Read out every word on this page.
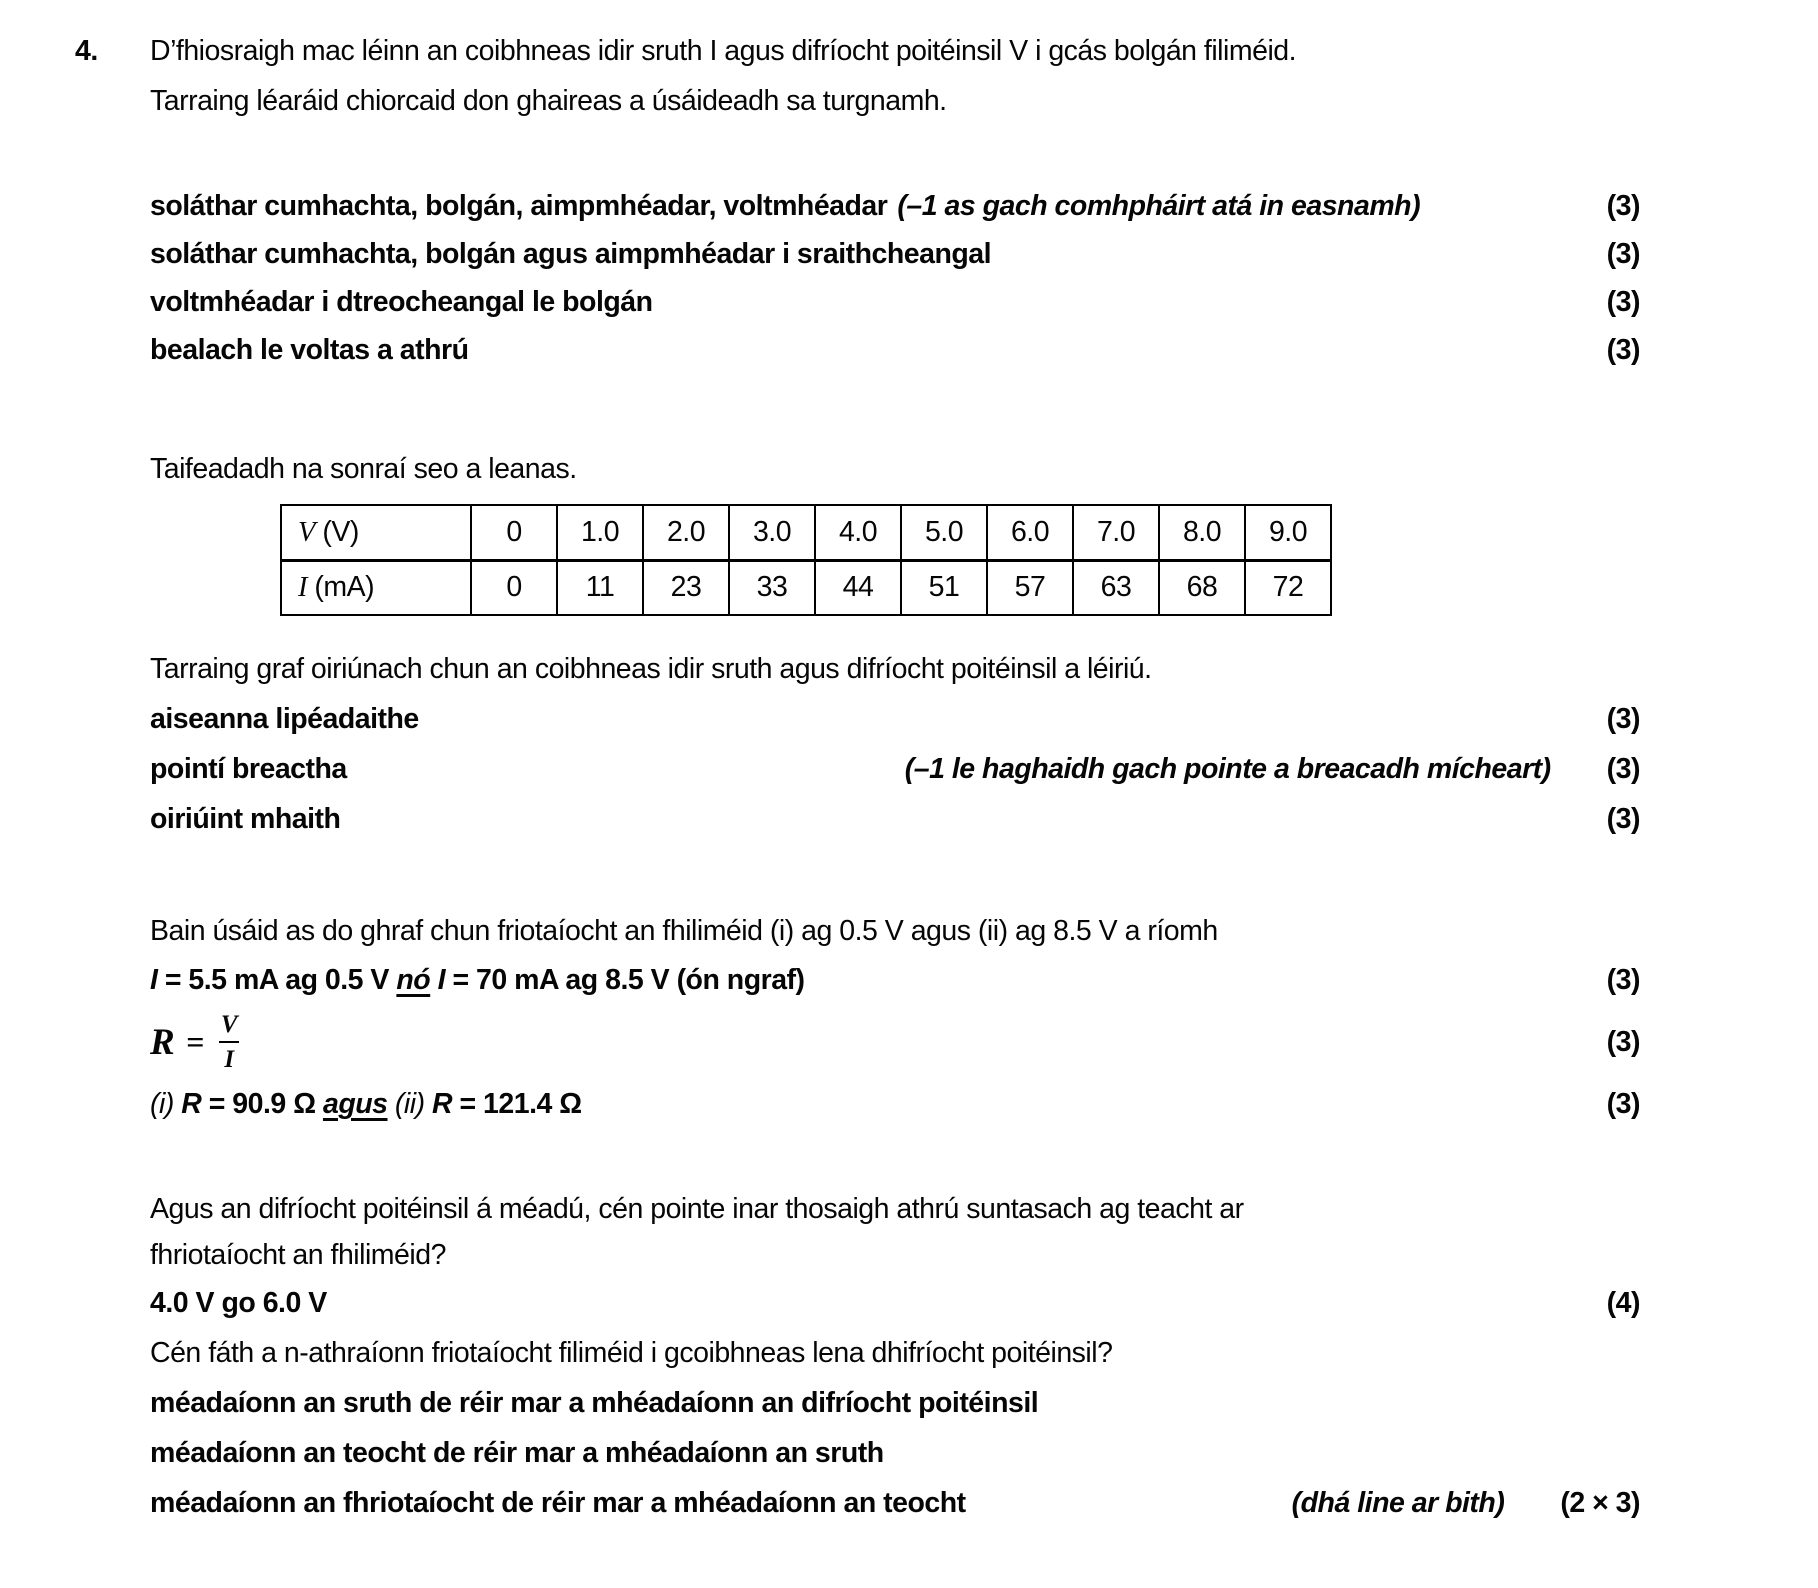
4.	D’fhiosraigh mac léinn an coibhneas idir sruth I agus difríocht poitéinsil V i gcás bolgán filiméid.
Tarraing léaráid chiorcaid don ghaireas a úsáideadh sa turgnamh.
soláthar cumhachta, bolgán, aimpmhéadar, voltmhéadar (–1 as gach comhpháirt atá in easnamh)	(3)
soláthar cumhachta, bolgán agus aimpmhéadar i sraithcheangal	(3)
voltmhéadar i dtreocheangal le bolgán	(3)
bealach le voltas a athrú	(3)
Taifeadadh na sonraí seo a leanas.
V (V)	0	1.0	2.0	3.0	4.0	5.0	6.0	7.0	8.0	9.0
I (mA)	0	11	23	33	44	51	57	63	68	72
Tarraing graf oiriúnach chun an coibhneas idir sruth agus difríocht poitéinsil a léiriú.
aiseanna lipéadaithe	(3)
pointí breactha	(–1 le haghaidh gach pointe a breacadh mícheart) (3)
oiriúint mhaith	(3)
Bain úsáid as do ghraf chun friotaíocht an fhiliméid (i) ag 0.5 V agus (ii) ag 8.5 V a ríomh
I = 5.5 mA ag 0.5 V nó I = 70 mA ag 8.5 V (ón ngraf)	(3)
$R = \frac{V}{I}$	(3)
(i) R = 90.9 Ω agus (ii) R = 121.4 Ω	(3)
Agus an difríocht poitéinsil á méadú, cén pointe inar thosaigh athrú suntasach ag teacht ar
fhriotaíocht an fhiliméid?
4.0 V go 6.0 V	(4)
Cén fáth a n-athraíonn friotaíocht filiméid i gcoibhneas lena dhifríocht poitéinsil?
méadaíonn an sruth de réir mar a mhéadaíonn an difríocht poitéinsil
méadaíonn an teocht de réir mar a mhéadaíonn an sruth
méadaíonn an fhriotaíocht de réir mar a mhéadaíonn an teocht	(dhá line ar bith) (2 × 3)
